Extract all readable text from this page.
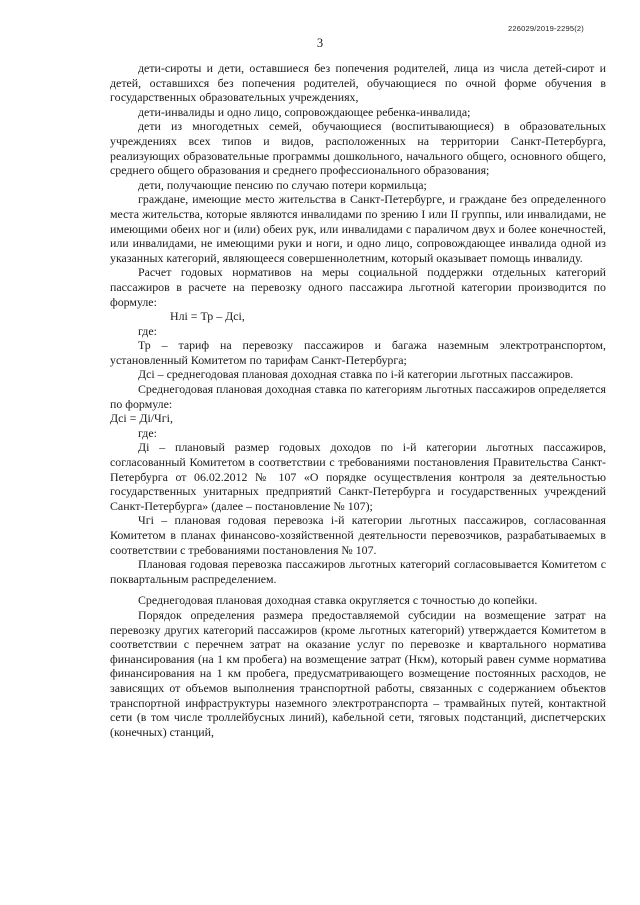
226029/2019-2295(2)
3

дети-сироты и дети, оставшиеся без попечения родителей, лица из числа детей-сирот и детей, оставшихся без попечения родителей, обучающиеся по очной форме обучения в государственных образовательных учреждениях,

дети-инвалиды и одно лицо, сопровождающее ребенка-инвалида;

дети из многодетных семей, обучающиеся (воспитывающиеся) в образовательных учреждениях всех типов и видов, расположенных на территории Санкт-Петербурга, реализующих образовательные программы дошкольного, начального общего, основного общего, среднего общего образования и среднего профессионального образования;

дети, получающие пенсию по случаю потери кормильца;

граждане, имеющие место жительства в Санкт-Петербурге, и граждане без определенного места жительства, которые являются инвалидами по зрению I или II группы, или инвалидами, не имеющими обеих ног и (или) обеих рук, или инвалидами с параличом двух и более конечностей, или инвалидами, не имеющими руки и ноги, и одно лицо, сопровождающее инвалида одной из указанных категорий, являющееся совершеннолетним, который оказывает помощь инвалиду.

Расчет годовых нормативов на меры социальной поддержки отдельных категорий пассажиров в расчете на перевозку одного пассажира льготной категории производится по формуле:

Нлі = Тр – Дсі,

где:

Тр – тариф на перевозку пассажиров и багажа наземным электротранспортом, установленный Комитетом по тарифам Санкт-Петербурга;

Дсі – среднегодовая плановая доходная ставка по i-й категории льготных пассажиров.

Среднегодовая плановая доходная ставка по категориям льготных пассажиров определяется по формуле:

Дсі = Ді/Чгі,

где:

Ді – плановый размер годовых доходов по i-й категории льготных пассажиров, согласованный Комитетом в соответствии с требованиями постановления Правительства Санкт-Петербурга от 06.02.2012 № 107 «О порядке осуществления контроля за деятельностью государственных унитарных предприятий Санкт-Петербурга и государственных учреждений Санкт-Петербурга» (далее – постановление № 107);

Чгі – плановая годовая перевозка i-й категории льготных пассажиров, согласованная Комитетом в планах финансово-хозяйственной деятельности перевозчиков, разрабатываемых в соответствии с требованиями постановления № 107.

Плановая годовая перевозка пассажиров льготных категорий согласовывается Комитетом с поквартальным распределением.

Среднегодовая плановая доходная ставка округляется с точностью до копейки.

Порядок определения размера предоставляемой субсидии на возмещение затрат на перевозку других категорий пассажиров (кроме льготных категорий) утверждается Комитетом в соответствии с перечнем затрат на оказание услуг по перевозке и квартального норматива финансирования (на 1 км пробега) на возмещение затрат (Нкм), который равен сумме норматива финансирования на 1 км пробега, предусматривающего возмещение постоянных расходов, не зависящих от объемов выполнения транспортной работы, связанных с содержанием объектов транспортной инфраструктуры наземного электротранспорта – трамвайных путей, контактной сети (в том числе троллейбусных линий), кабельной сети, тяговых подстанций, диспетчерских (конечных) станций,
